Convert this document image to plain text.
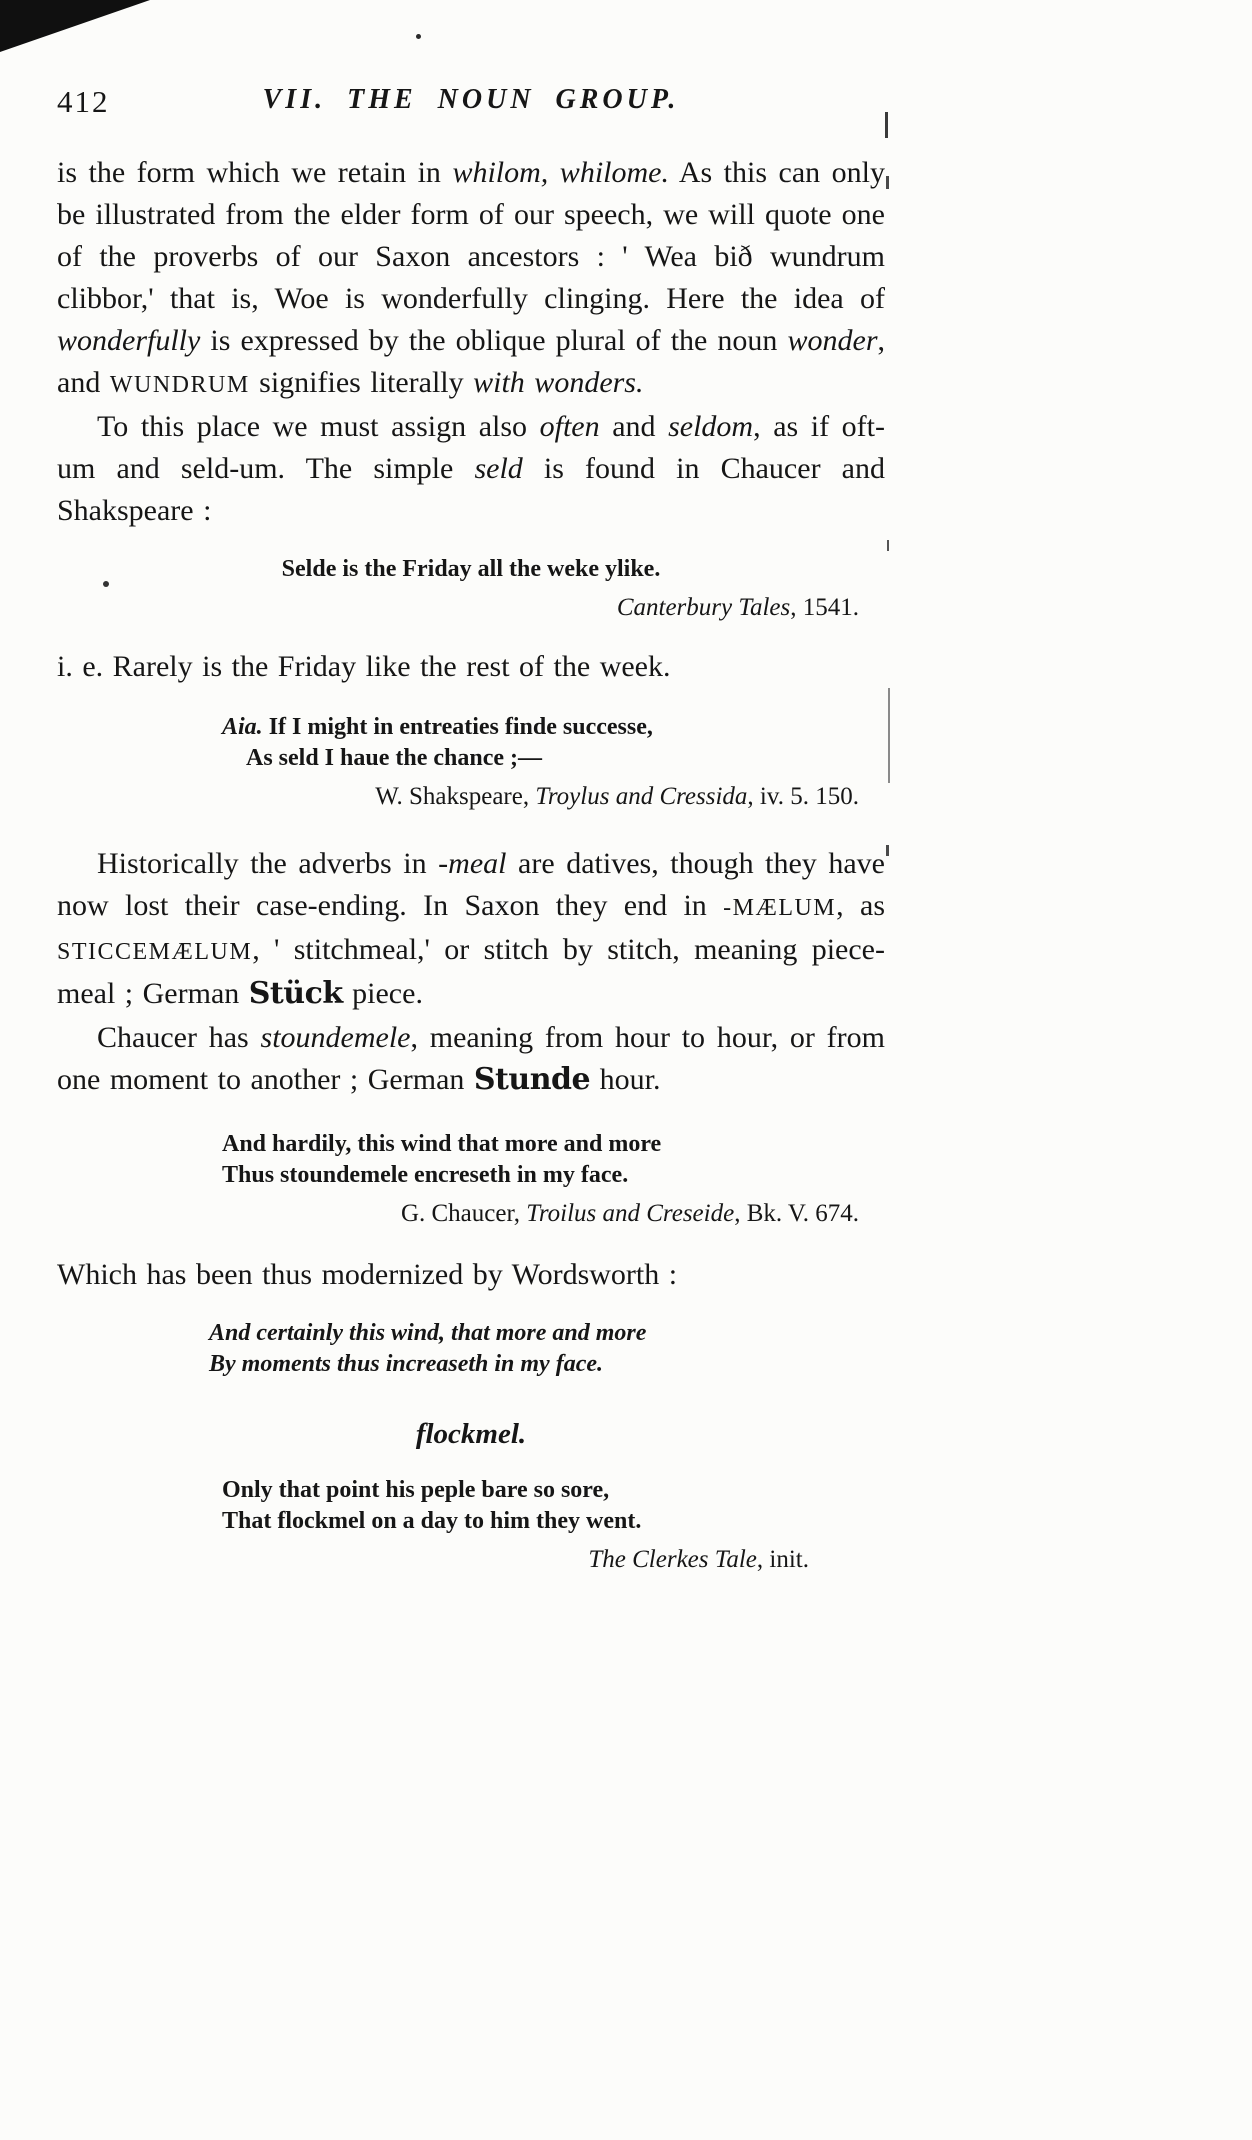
412	VII. THE NOUN GROUP.

is the form which we retain in whilom, whilome. As this can only be illustrated from the elder form of our speech, we will quote one of the proverbs of our Saxon ancestors : ' Wea bið wundrum clibbor,' that is, Woe is wonderfully clinging. Here the idea of wonderfully is expressed by the oblique plural of the noun wonder, and WUNDRUM signifies literally with wonders.

To this place we must assign also often and seldom, as if oft-um and seld-um. The simple seld is found in Chaucer and Shakspeare :

Selde is the Friday all the weke ylike.
Canterbury Tales, 1541.

i. e. Rarely is the Friday like the rest of the week.

Aia. If I might in entreaties finde successe,
As seld I haue the chance ;—
W. Shakspeare, Troylus and Cressida, iv. 5. 150.

Historically the adverbs in -meal are datives, though they have now lost their case-ending. In Saxon they end in -MÆLUM, as STICCEMÆLUM, ' stitchmeal,' or stitch by stitch, meaning piece-meal ; German Stück piece.

Chaucer has stoundemele, meaning from hour to hour, or from one moment to another ; German Stunde hour.

And hardily, this wind that more and more
Thus stoundemele encreseth in my face.
G. Chaucer, Troilus and Creseide, Bk. V. 674.

Which has been thus modernized by Wordsworth :

And certainly this wind, that more and more
By moments thus increaseth in my face.
flockmel.
Only that point his peple bare so sore,
That flockmel on a day to him they went.
The Clerkes Tale, init.
